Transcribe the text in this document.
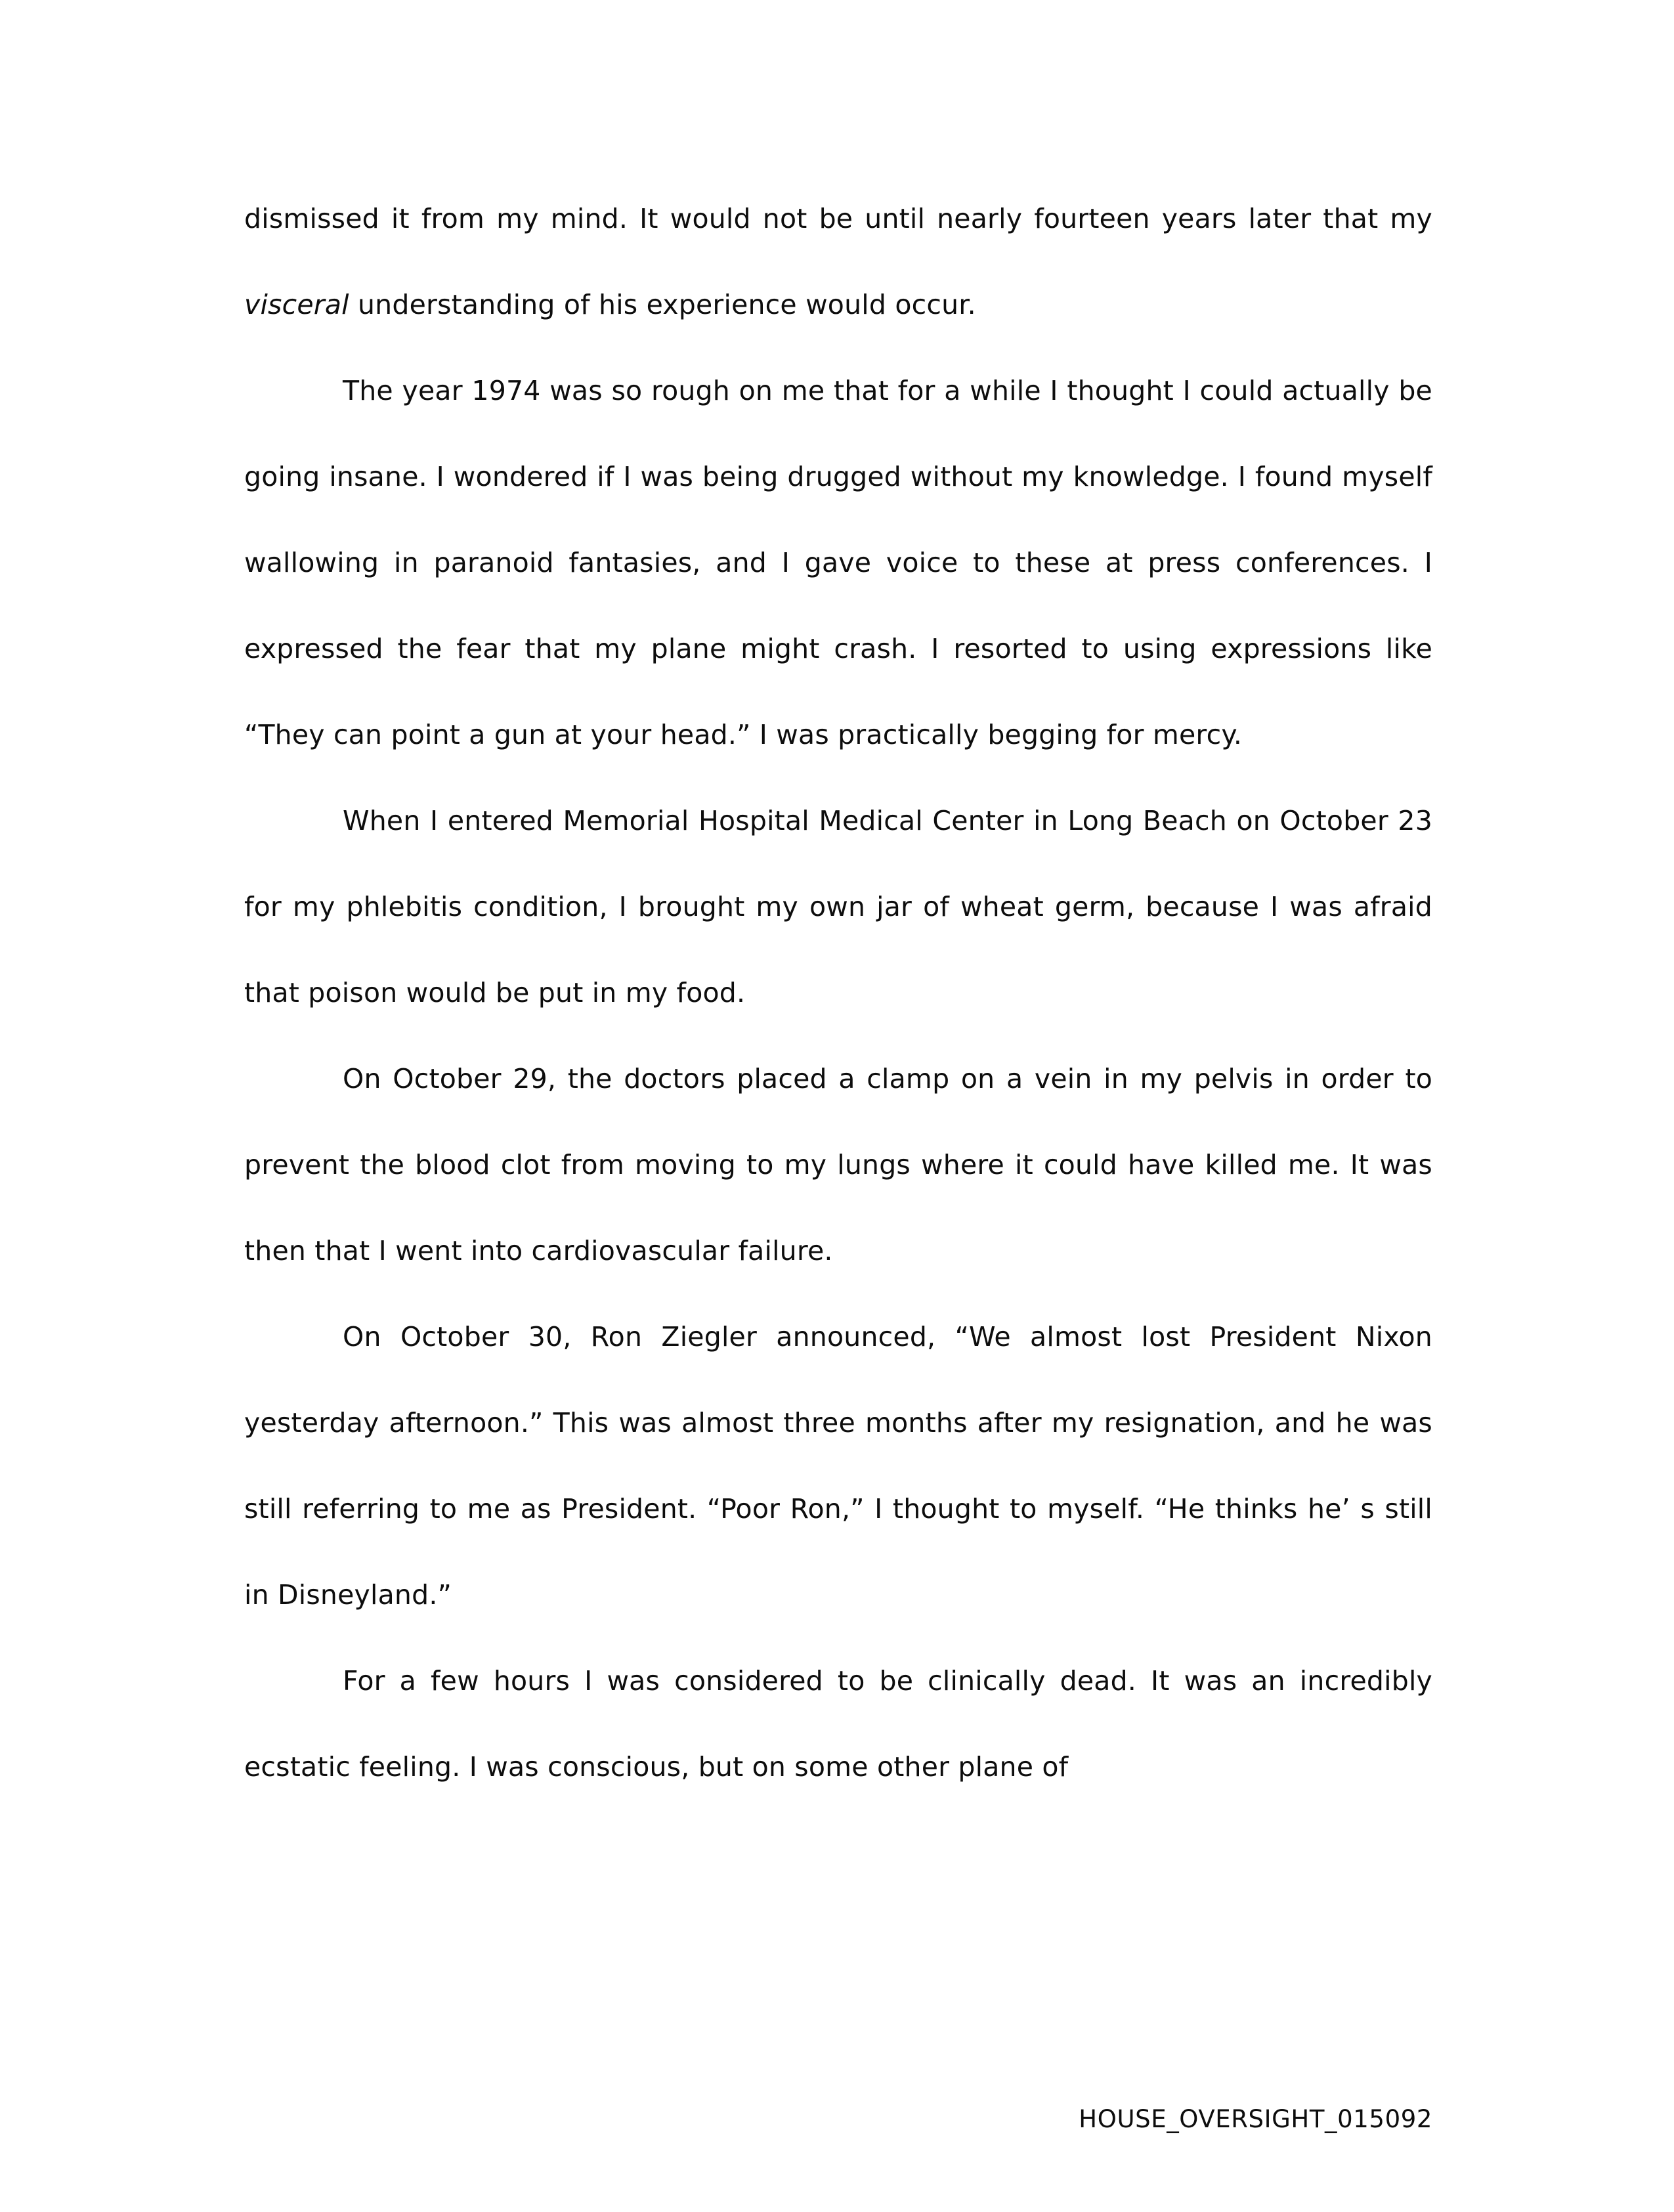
dismissed it from my mind. It would not be until nearly fourteen years later that my visceral understanding of his experience would occur.

The year 1974 was so rough on me that for a while I thought I could actually be going insane. I wondered if I was being drugged without my knowledge. I found myself wallowing in paranoid fantasies, and I gave voice to these at press conferences. I expressed the fear that my plane might crash. I resorted to using expressions like “They can point a gun at your head.” I was practically begging for mercy.

When I entered Memorial Hospital Medical Center in Long Beach on October 23 for my phlebitis condition, I brought my own jar of wheat germ, because I was afraid that poison would be put in my food.

On October 29, the doctors placed a clamp on a vein in my pelvis in order to prevent the blood clot from moving to my lungs where it could have killed me. It was then that I went into cardiovascular failure.

On October 30, Ron Ziegler announced, “We almost lost President Nixon yesterday afternoon.” This was almost three months after my resignation, and he was still referring to me as President. “Poor Ron,” I thought to myself. “He thinks he’ s still in Disneyland.”

For a few hours I was considered to be clinically dead. It was an incredibly ecstatic feeling. I was conscious, but on some other plane of

HOUSE_OVERSIGHT_015092
